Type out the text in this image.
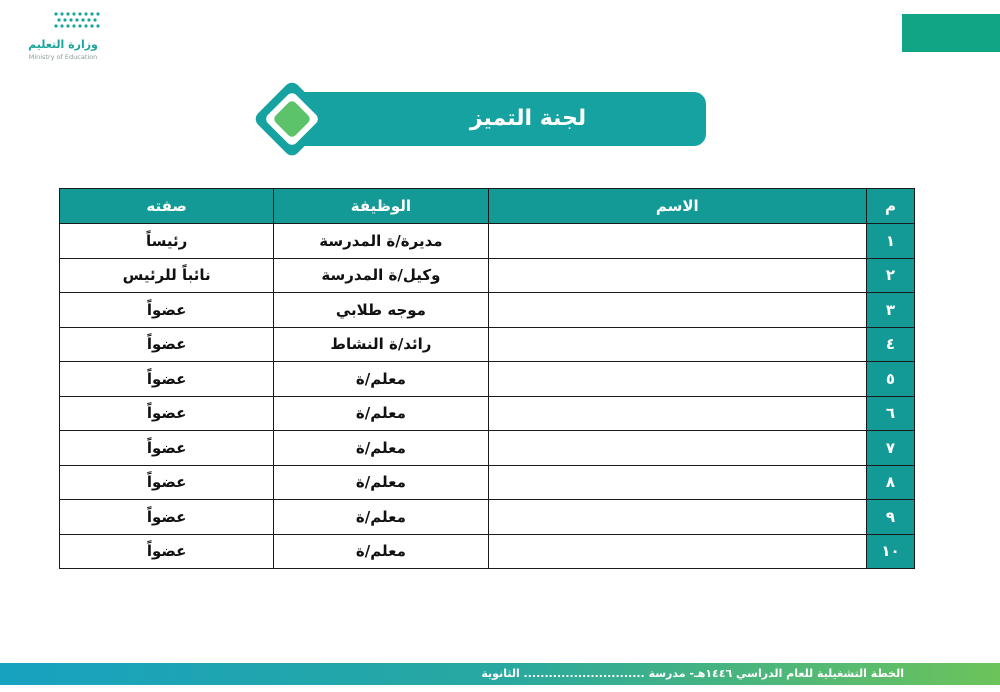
وزارة التعليم
Ministry of Education
لجنة التميز
م	الاسم	الوظيفة	صفته
١		مديرة/ة المدرسة	رئيساً
٢		وكيل/ة المدرسة	نائباً للرئيس
٣		موجه طلابي	عضواً
٤		رائد/ة النشاط	عضواً
٥		معلم/ة	عضواً
٦		معلم/ة	عضواً
٧		معلم/ة	عضواً
٨		معلم/ة	عضواً
٩		معلم/ة	عضواً
١٠		معلم/ة	عضواً
الخطة التشغيلية للعام الدراسي ١٤٤٦هـ- مدرسة ............................. الثانوية
